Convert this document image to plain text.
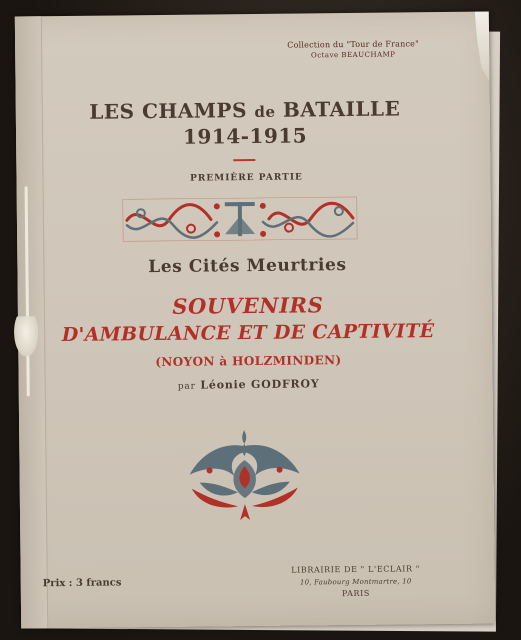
Collection du "Tour de France"
Octave BEAUCHAMP
LES CHAMPS de BATAILLE
1914-1915
PREMIÈRE PARTIE
Les Cités Meurtries
SOUVENIRS
D'AMBULANCE ET DE CAPTIVITÉ
(NOYON à HOLZMINDEN)
par Léonie GODFROY
Prix : 3 francs
LIBRAIRIE DE " L'ECLAIR "
10, Faubourg Montmartre, 10
PARIS
